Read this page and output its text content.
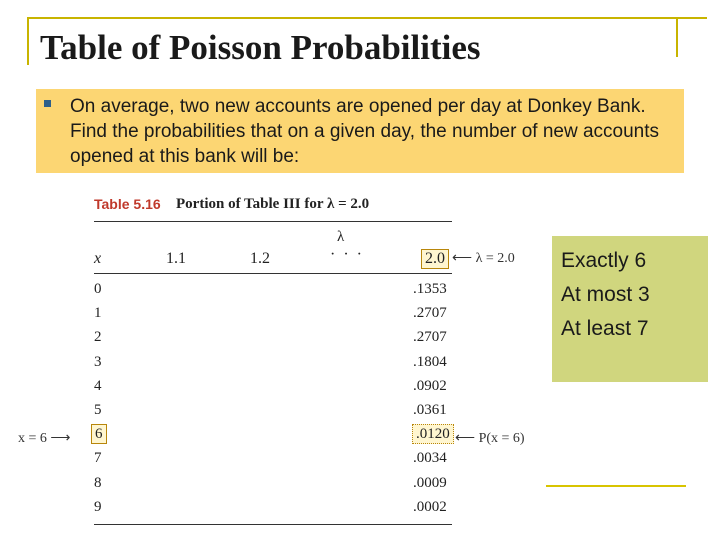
Table of Poisson Probabilities
On average, two new accounts are opened per day at Donkey Bank. Find the probabilities that on a given day, the number of new accounts opened at this bank will be:
Table 5.16 Portion of Table III for λ = 2.0
λ
x	1.1	1.2	· · ·	2.0 ⟵ λ = 2.0
0	.1353
1	.2707
2	.2707
3	.1804
4	.0902
5	.0361
6	.0120
7	.0034
8	.0009
9	.0002
x = 6 ⟶	⟵ P(x = 6)
Exactly 6
At most 3
At least 7
